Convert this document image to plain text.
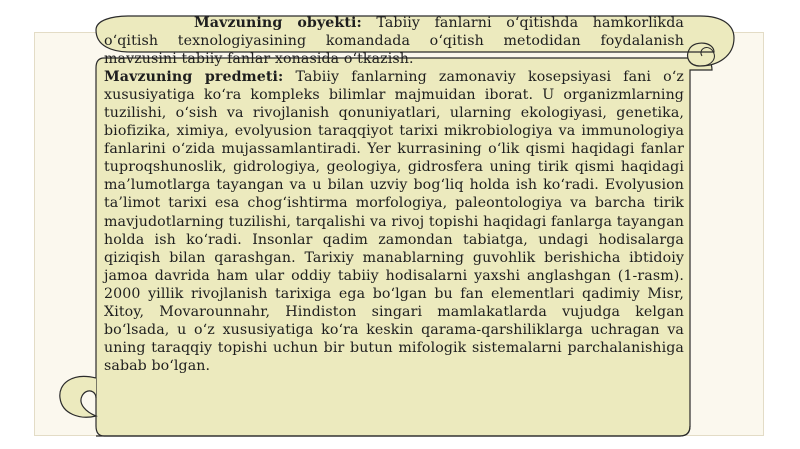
Mavzuning obyekti: Tabiiy fanlarni o‘qitishda hamkorlikda o‘qitish texnologiyasining komandada o‘qitish metodidan foydalanish mavzusini tabiiy fanlar xonasida o‘tkazish.

Mavzuning predmeti: Tabiiy fanlarning zamonaviy kosepsiyasi fani o‘z xususiyatiga ko‘ra kompleks bilimlar majmuidan iborat. U organizmlarning tuzilishi, o‘sish va rivojlanish qonuniyatlari, ularning ekologiyasi, genetika, biofizika, ximiya, evolyusion taraqqiyot tarixi mikrobiologiya va immunologiya fanlarini o‘zida mujassamlantiradi. Yer kurrasining o‘lik qismi haqidagi fanlar tuproqshunoslik, gidrologiya, geologiya, gidrosfera uning tirik qismi haqidagi ma’lumotlarga tayangan va u bilan uzviy bog‘liq holda ish ko‘radi. Evolyusion ta’limot tarixi esa chog‘ishtirma morfologiya, paleontologiya va barcha tirik mavjudotlarning tuzilishi, tarqalishi va rivoj topishi haqidagi fanlarga tayangan holda ish ko‘radi. Insonlar qadim zamondan tabiatga, undagi hodisalarga qiziqish bilan qarashgan. Tarixiy manablarning guvohlik berishicha ibtidoiy jamoa davrida ham ular oddiy tabiiy hodisalarni yaxshi anglashgan (1-rasm). 2000 yillik rivojlanish tarixiga ega bo‘lgan bu fan elementlari qadimiy Misr, Xitoy, Movarounnahr, Hindiston singari mamlakatlarda vujudga kelgan bo‘lsada, u o‘z xususiyatiga ko‘ra keskin qarama-qarshiliklarga uchragan va uning taraqqiy topishi uchun bir butun mifologik sistemalarni parchalanishiga sabab bo‘lgan.
